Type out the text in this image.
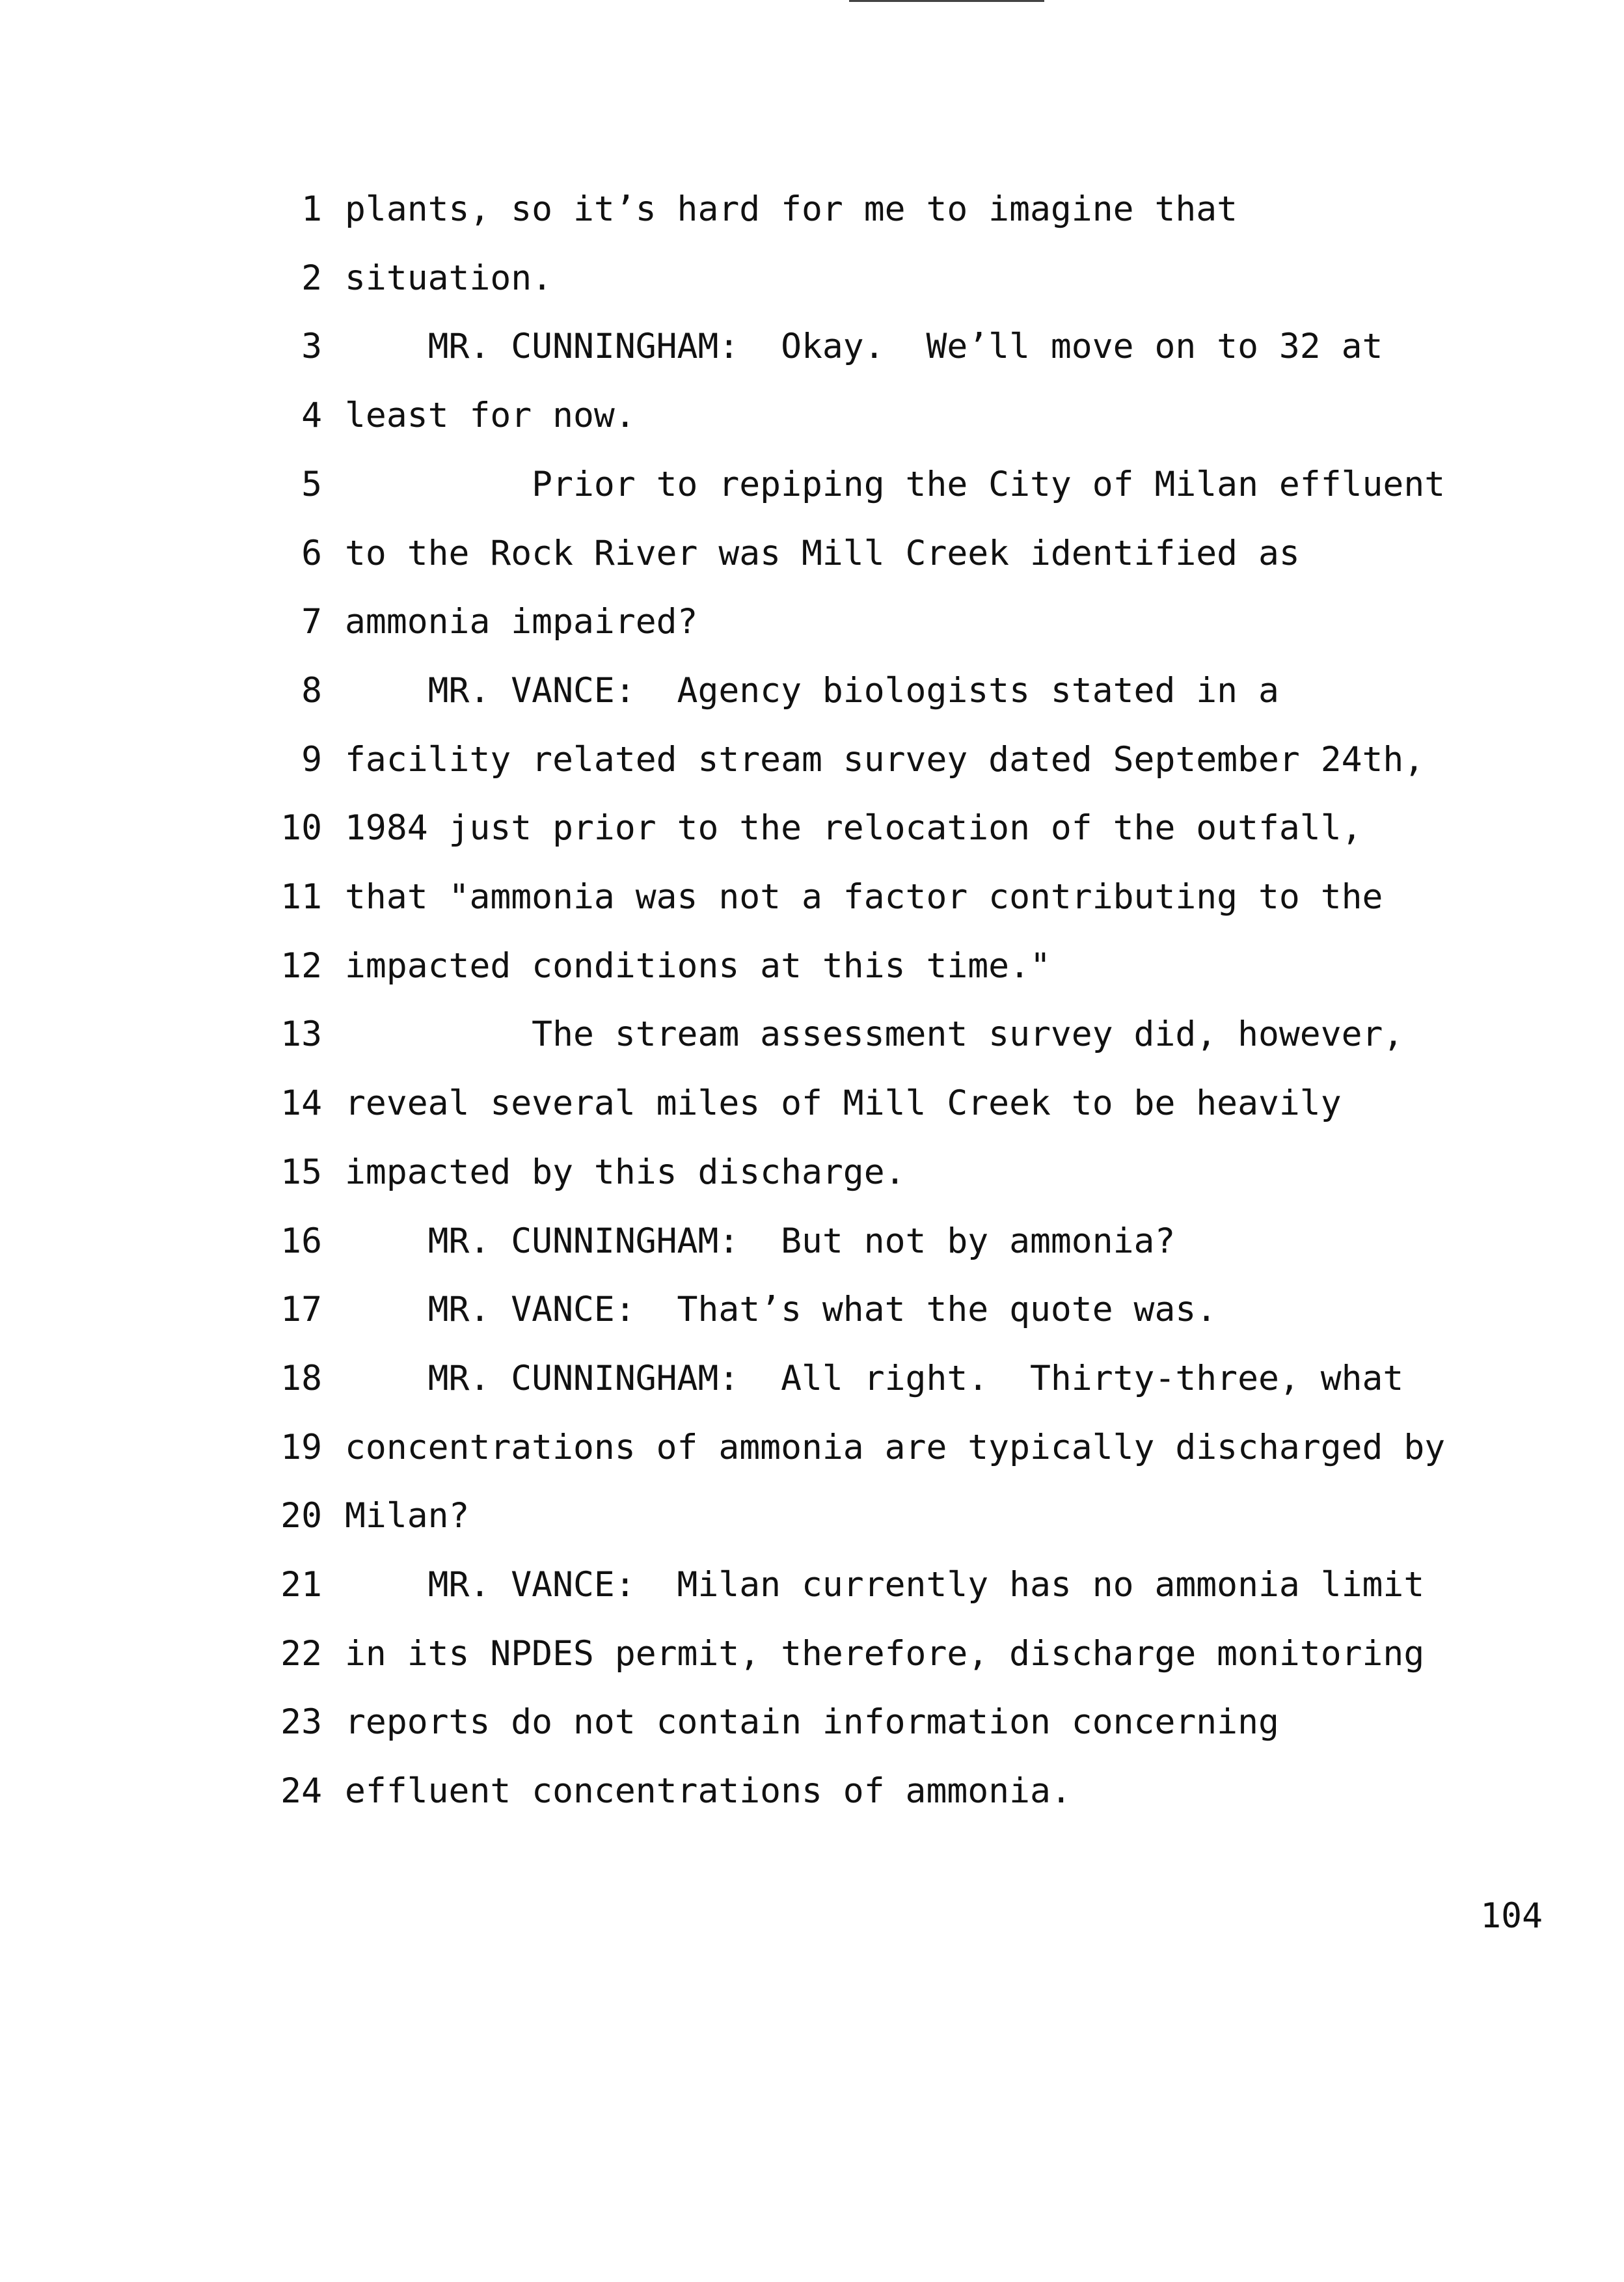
1 plants, so it’s hard for me to imagine that
2 situation.
3 MR. CUNNINGHAM:  Okay.  We’ll move on to 32 at
4 least for now.
5 Prior to repiping the City of Milan effluent
6 to the Rock River was Mill Creek identified as
7 ammonia impaired?
8 MR. VANCE:  Agency biologists stated in a
9 facility related stream survey dated September 24th,
10 1984 just prior to the relocation of the outfall,
11 that "ammonia was not a factor contributing to the
12 impacted conditions at this time."
13 The stream assessment survey did, however,
14 reveal several miles of Mill Creek to be heavily
15 impacted by this discharge.
16 MR. CUNNINGHAM:  But not by ammonia?
17 MR. VANCE:  That’s what the quote was.
18 MR. CUNNINGHAM:  All right.  Thirty-three, what
19 concentrations of ammonia are typically discharged by
20 Milan?
21 MR. VANCE:  Milan currently has no ammonia limit
22 in its NPDES permit, therefore, discharge monitoring
23 reports do not contain information concerning
24 effluent concentrations of ammonia.
104
